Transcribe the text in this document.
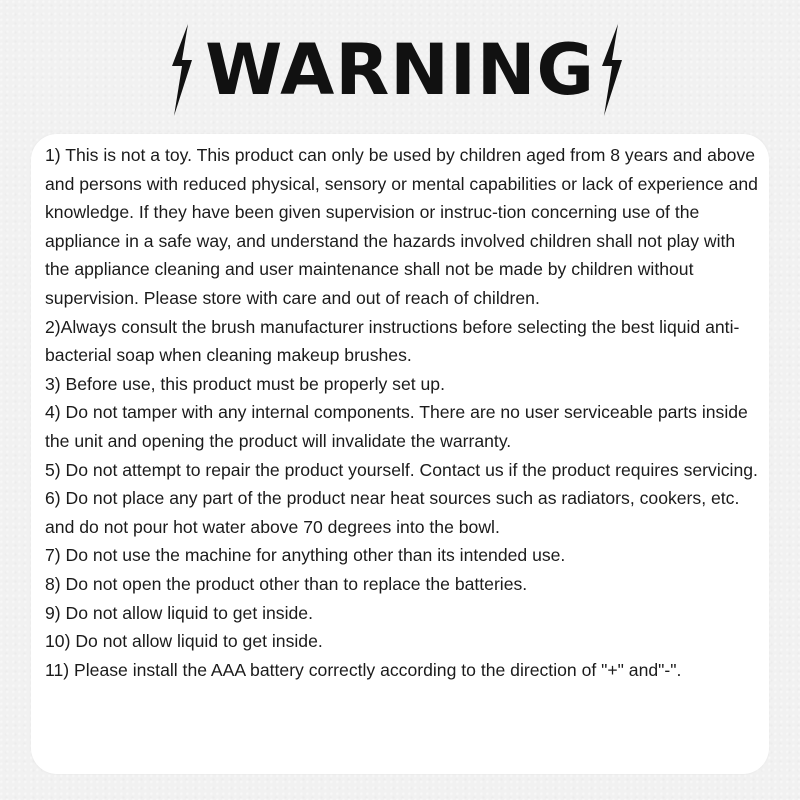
WARNING

1) This is not a toy. This product can only be used by children aged from 8 years and above and persons with reduced physical, sensory or mental capabilities or lack of experience and knowledge. If they have been given supervision or instruc-tion concerning use of the appliance in a safe way, and understand the hazards involved children shall not play with the appliance cleaning and user maintenance shall not be made by children without supervision. Please store with care and out of reach of children.

2)Always consult the brush manufacturer instructions before selecting the best liquid anti-bacterial soap when cleaning makeup brushes.

3) Before use, this product must be properly set up.

4) Do not tamper with any internal components. There are no user serviceable parts inside the unit and opening the product will invalidate the warranty.

5) Do not attempt to repair the product yourself. Contact us if the product requires servicing.

6) Do not place any part of the product near heat sources such as radiators, cookers, etc. and do not pour hot water above 70 degrees into the bowl.

7) Do not use the machine for anything other than its intended use.

8) Do not open the product other than to replace the batteries.

9) Do not allow liquid to get inside.

10) Do not allow liquid to get inside.

11) Please install the AAA battery correctly according to the direction of "+" and"-".
